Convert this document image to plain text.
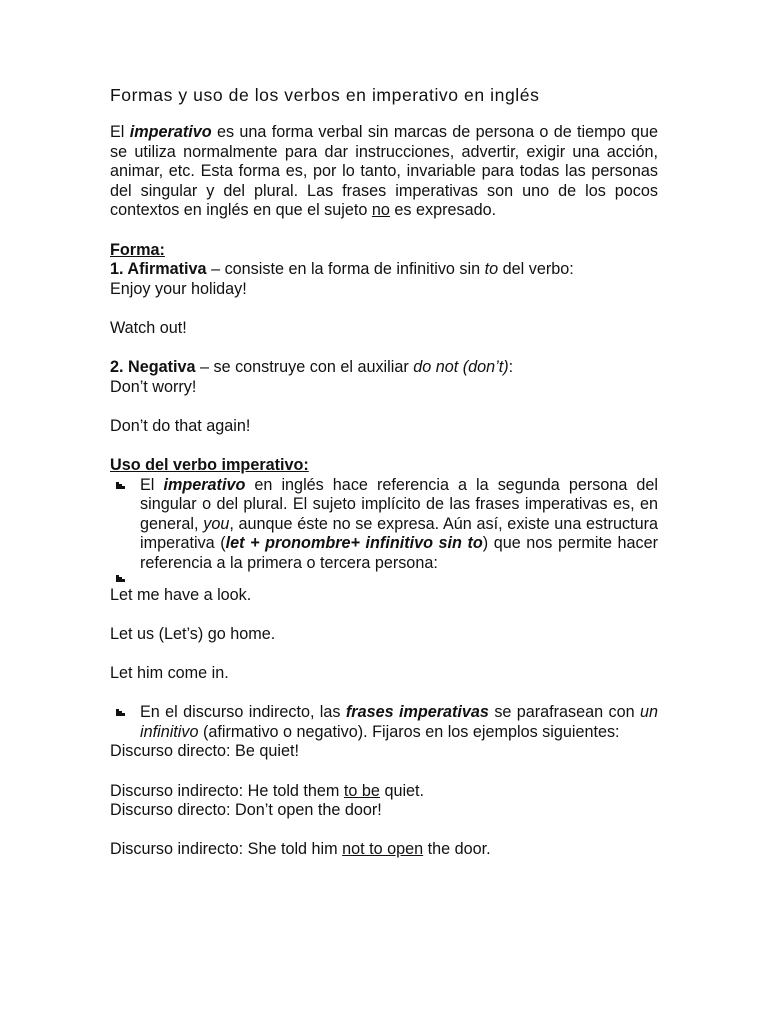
Formas y uso de los verbos en imperativo en inglés

El imperativo es una forma verbal sin marcas de persona o de tiempo que se utiliza normalmente para dar instrucciones, advertir, exigir una acción, animar, etc. Esta forma es, por lo tanto, invariable para todas las personas del singular y del plural. Las frases imperativas son uno de los pocos contextos en inglés en que el sujeto no es expresado.

Forma:
1. Afirmativa – consiste en la forma de infinitivo sin to del verbo:
Enjoy your holiday!
Watch out!
2. Negativa – se construye con el auxiliar do not (don’t):
Don’t worry!
Don’t do that again!
Uso del verbo imperativo:
El imperativo en inglés hace referencia a la segunda persona del singular o del plural. El sujeto implícito de las frases imperativas es, en general, you, aunque éste no se expresa. Aún así, existe una estructura imperativa (let + pronombre+ infinitivo sin to) que nos permite hacer referencia a la primera o tercera persona:
Let me have a look.
Let us (Let’s) go home.
Let him come in.
En el discurso indirecto, las frases imperativas se parafrasean con un infinitivo (afirmativo o negativo). Fijaros en los ejemplos siguientes:
Discurso directo: Be quiet!
Discurso indirecto: He told them to be quiet.
Discurso directo: Don’t open the door!
Discurso indirecto: She told him not to open the door.
